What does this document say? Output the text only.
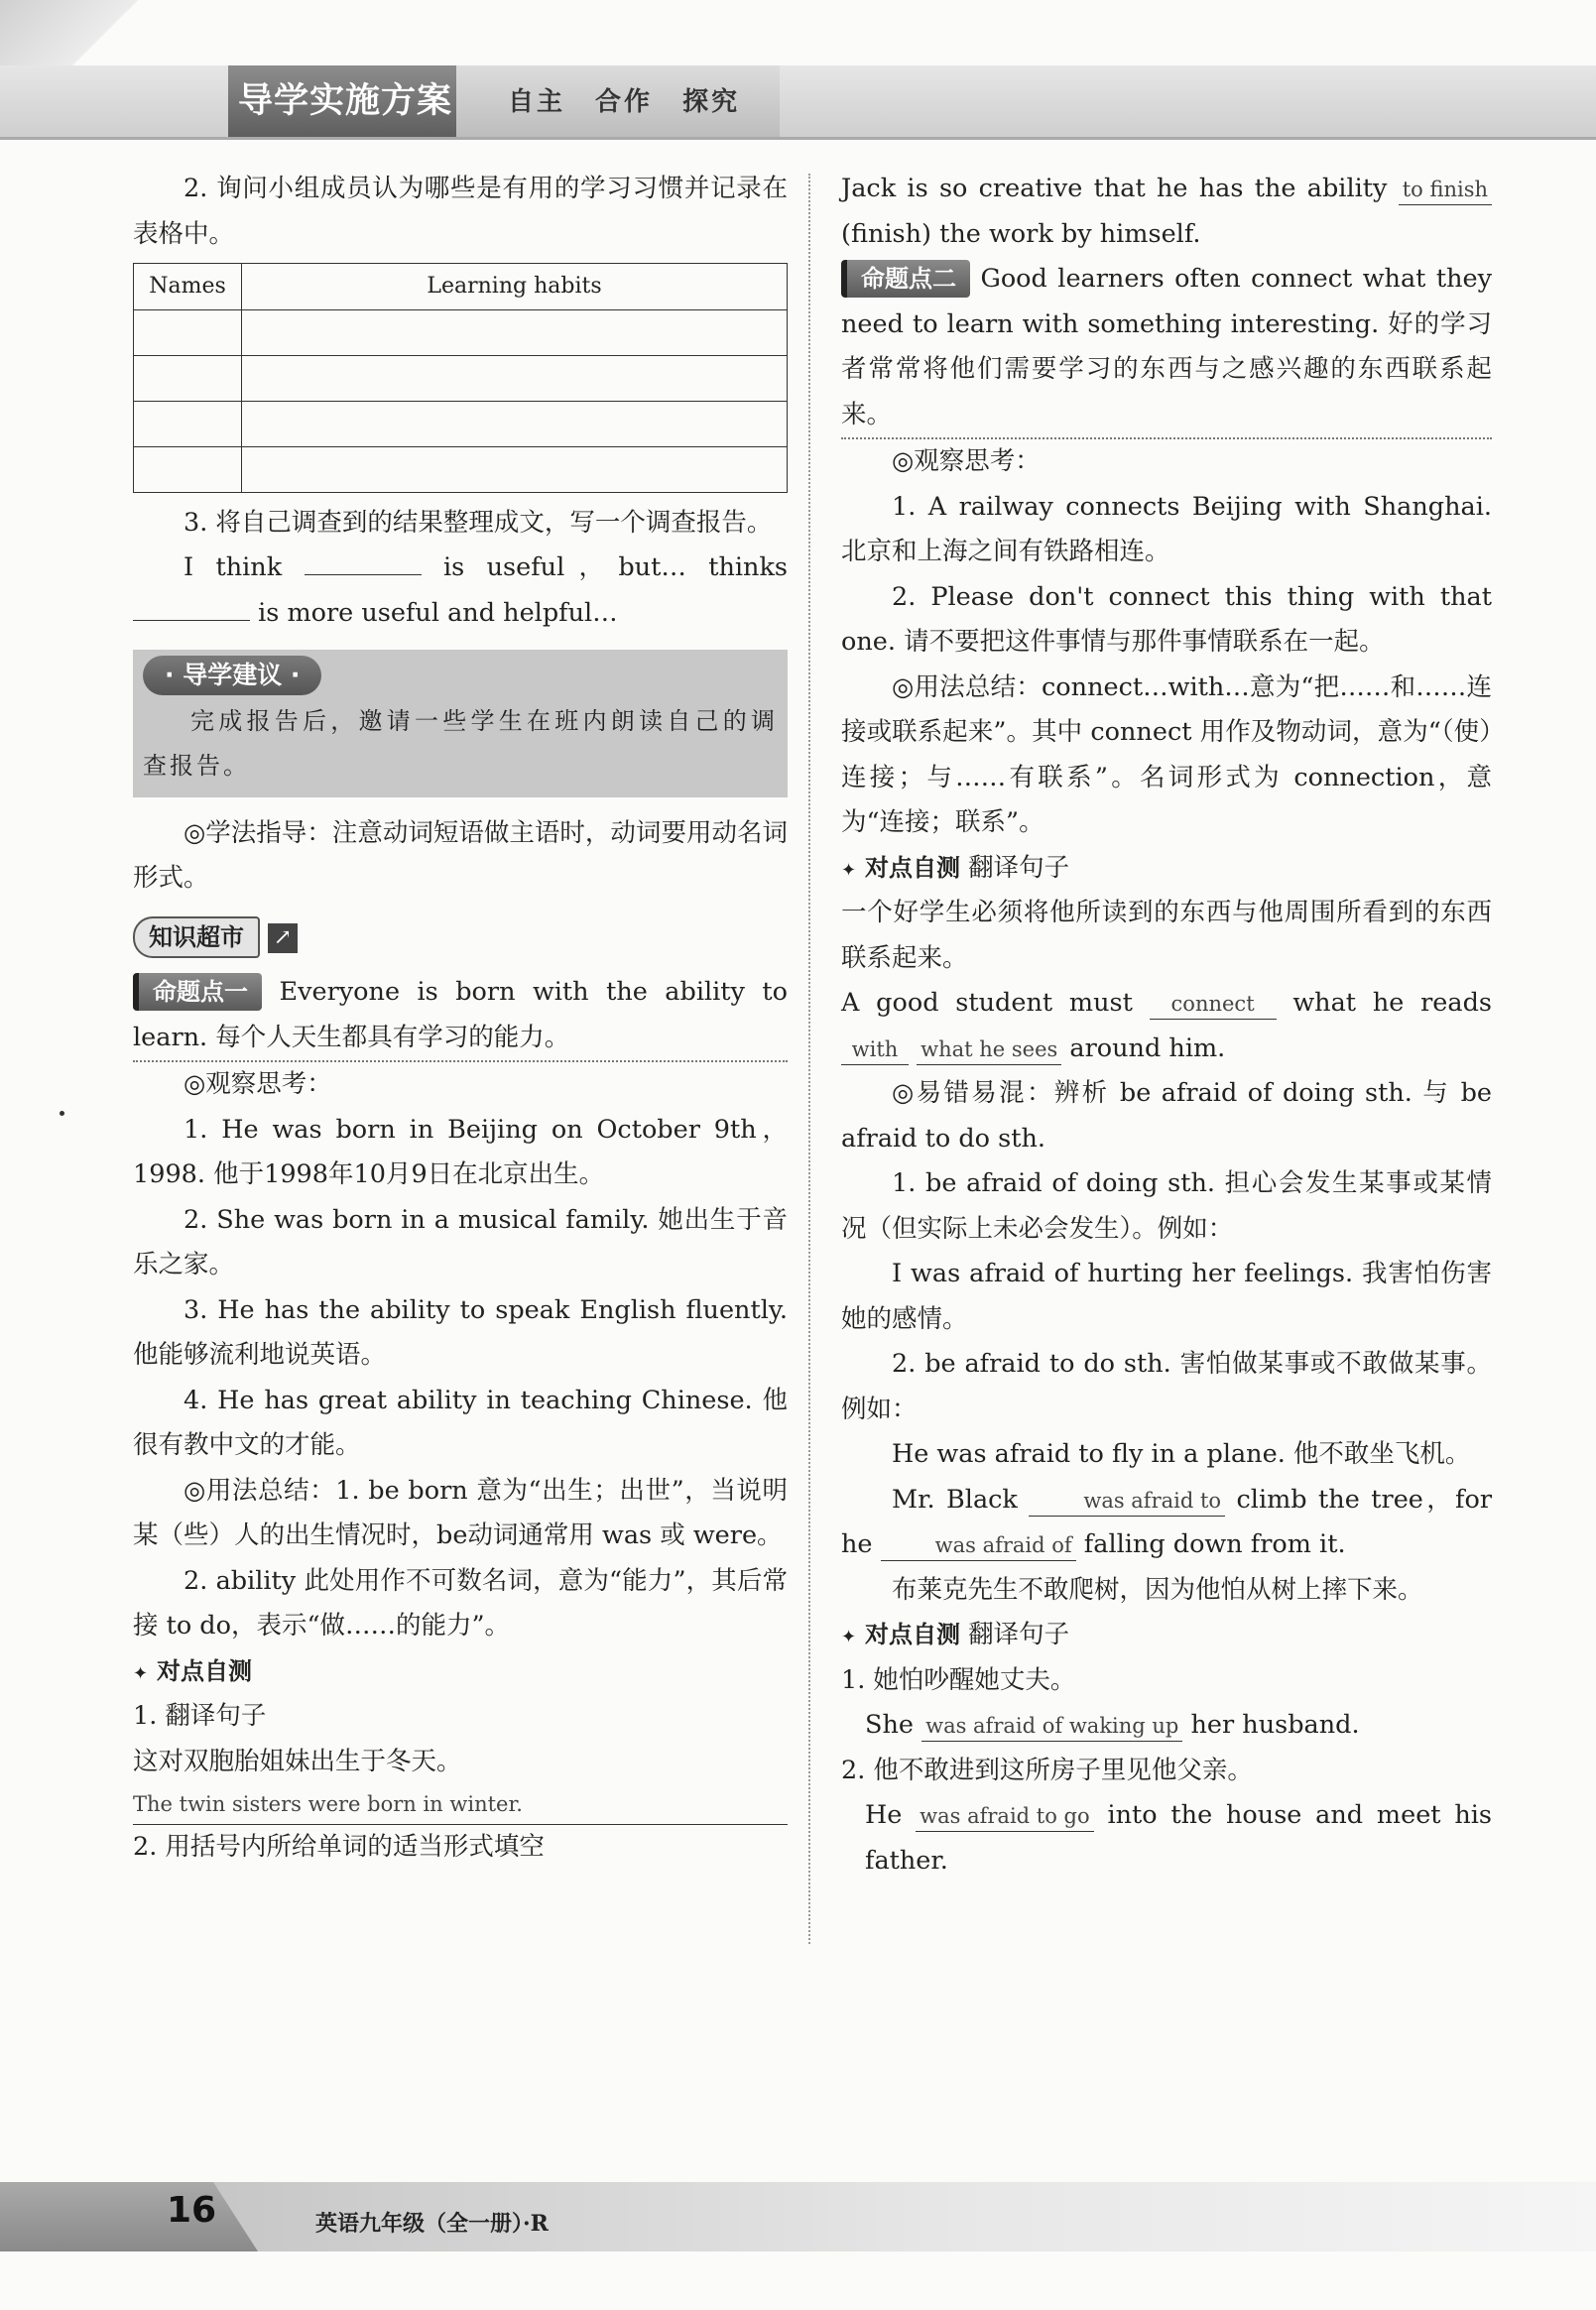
导学实施方案 自主 合作 探究

2. 询问小组成员认为哪些是有用的学习习惯并记录在表格中。

Names	Learning habits

3. 将自己调查到的结果整理成文，写一个调查报告。

I think	is useful，but… thinks  is more useful and helpful…

· 导学建议 ·

完成报告后，邀请一些学生在班内朗读自己的调查报告。

◎学法指导：注意动词短语做主语时，动词要用动名词形式。

知识超市 ↗

命题点一 Everyone is born with the ability to learn. 每个人天生都具有学习的能力。

◎观察思考：

1. He was born in Beijing on October 9th，1998. 他于1998年10月9日在北京出生。

2. She was born in a musical family. 她出生于音乐之家。

3. He has the ability to speak English fluently. 他能够流利地说英语。

4. He has great ability in teaching Chinese. 他很有教中文的才能。

◎用法总结：1. be born 意为“出生；出世”，当说明某（些）人的出生情况时，be动词通常用 was 或 were。

2. ability 此处用作不可数名词，意为“能力”，其后常接 to do，表示“做……的能力”。

✦ 对点自测

1. 翻译句子

这对双胞胎姐妹出生于冬天。

The twin sisters were born in winter.

2. 用括号内所给单词的适当形式填空

Jack is so creative that he has the ability to finish (finish) the work by himself.

命题点二 Good learners often connect what they need to learn with something interesting. 好的学习者常常将他们需要学习的东西与之感兴趣的东西联系起来。

◎观察思考：

1. A railway connects Beijing with Shanghai. 北京和上海之间有铁路相连。

2. Please don't connect this thing with that one. 请不要把这件事情与那件事情联系在一起。

◎用法总结：connect…with…意为“把……和……连接或联系起来”。其中 connect 用作及物动词，意为“（使）连接；与……有联系”。名词形式为 connection，意为“连接；联系”。

✦ 对点自测 翻译句子

一个好学生必须将他所读到的东西与他周围所看到的东西联系起来。

A good student must connect what he reads with what he sees around him.

◎易错易混：辨析 be afraid of doing sth. 与 be afraid to do sth.

1. be afraid of doing sth. 担心会发生某事或某情况（但实际上未必会发生）。例如：

I was afraid of hurting her feelings. 我害怕伤害她的感情。

2. be afraid to do sth. 害怕做某事或不敢做某事。例如：

He was afraid to fly in a plane. 他不敢坐飞机。

Mr. Black	was afraid to climb the tree，for he	was afraid of falling down from it.

布莱克先生不敢爬树，因为他怕从树上摔下来。

✦ 对点自测 翻译句子

1. 她怕吵醒她丈夫。

She was afraid of waking up her husband.

2. 他不敢进到这所房子里见他父亲。

He was afraid to go into the house and meet his father.

16	英语九年级（全一册）·R
